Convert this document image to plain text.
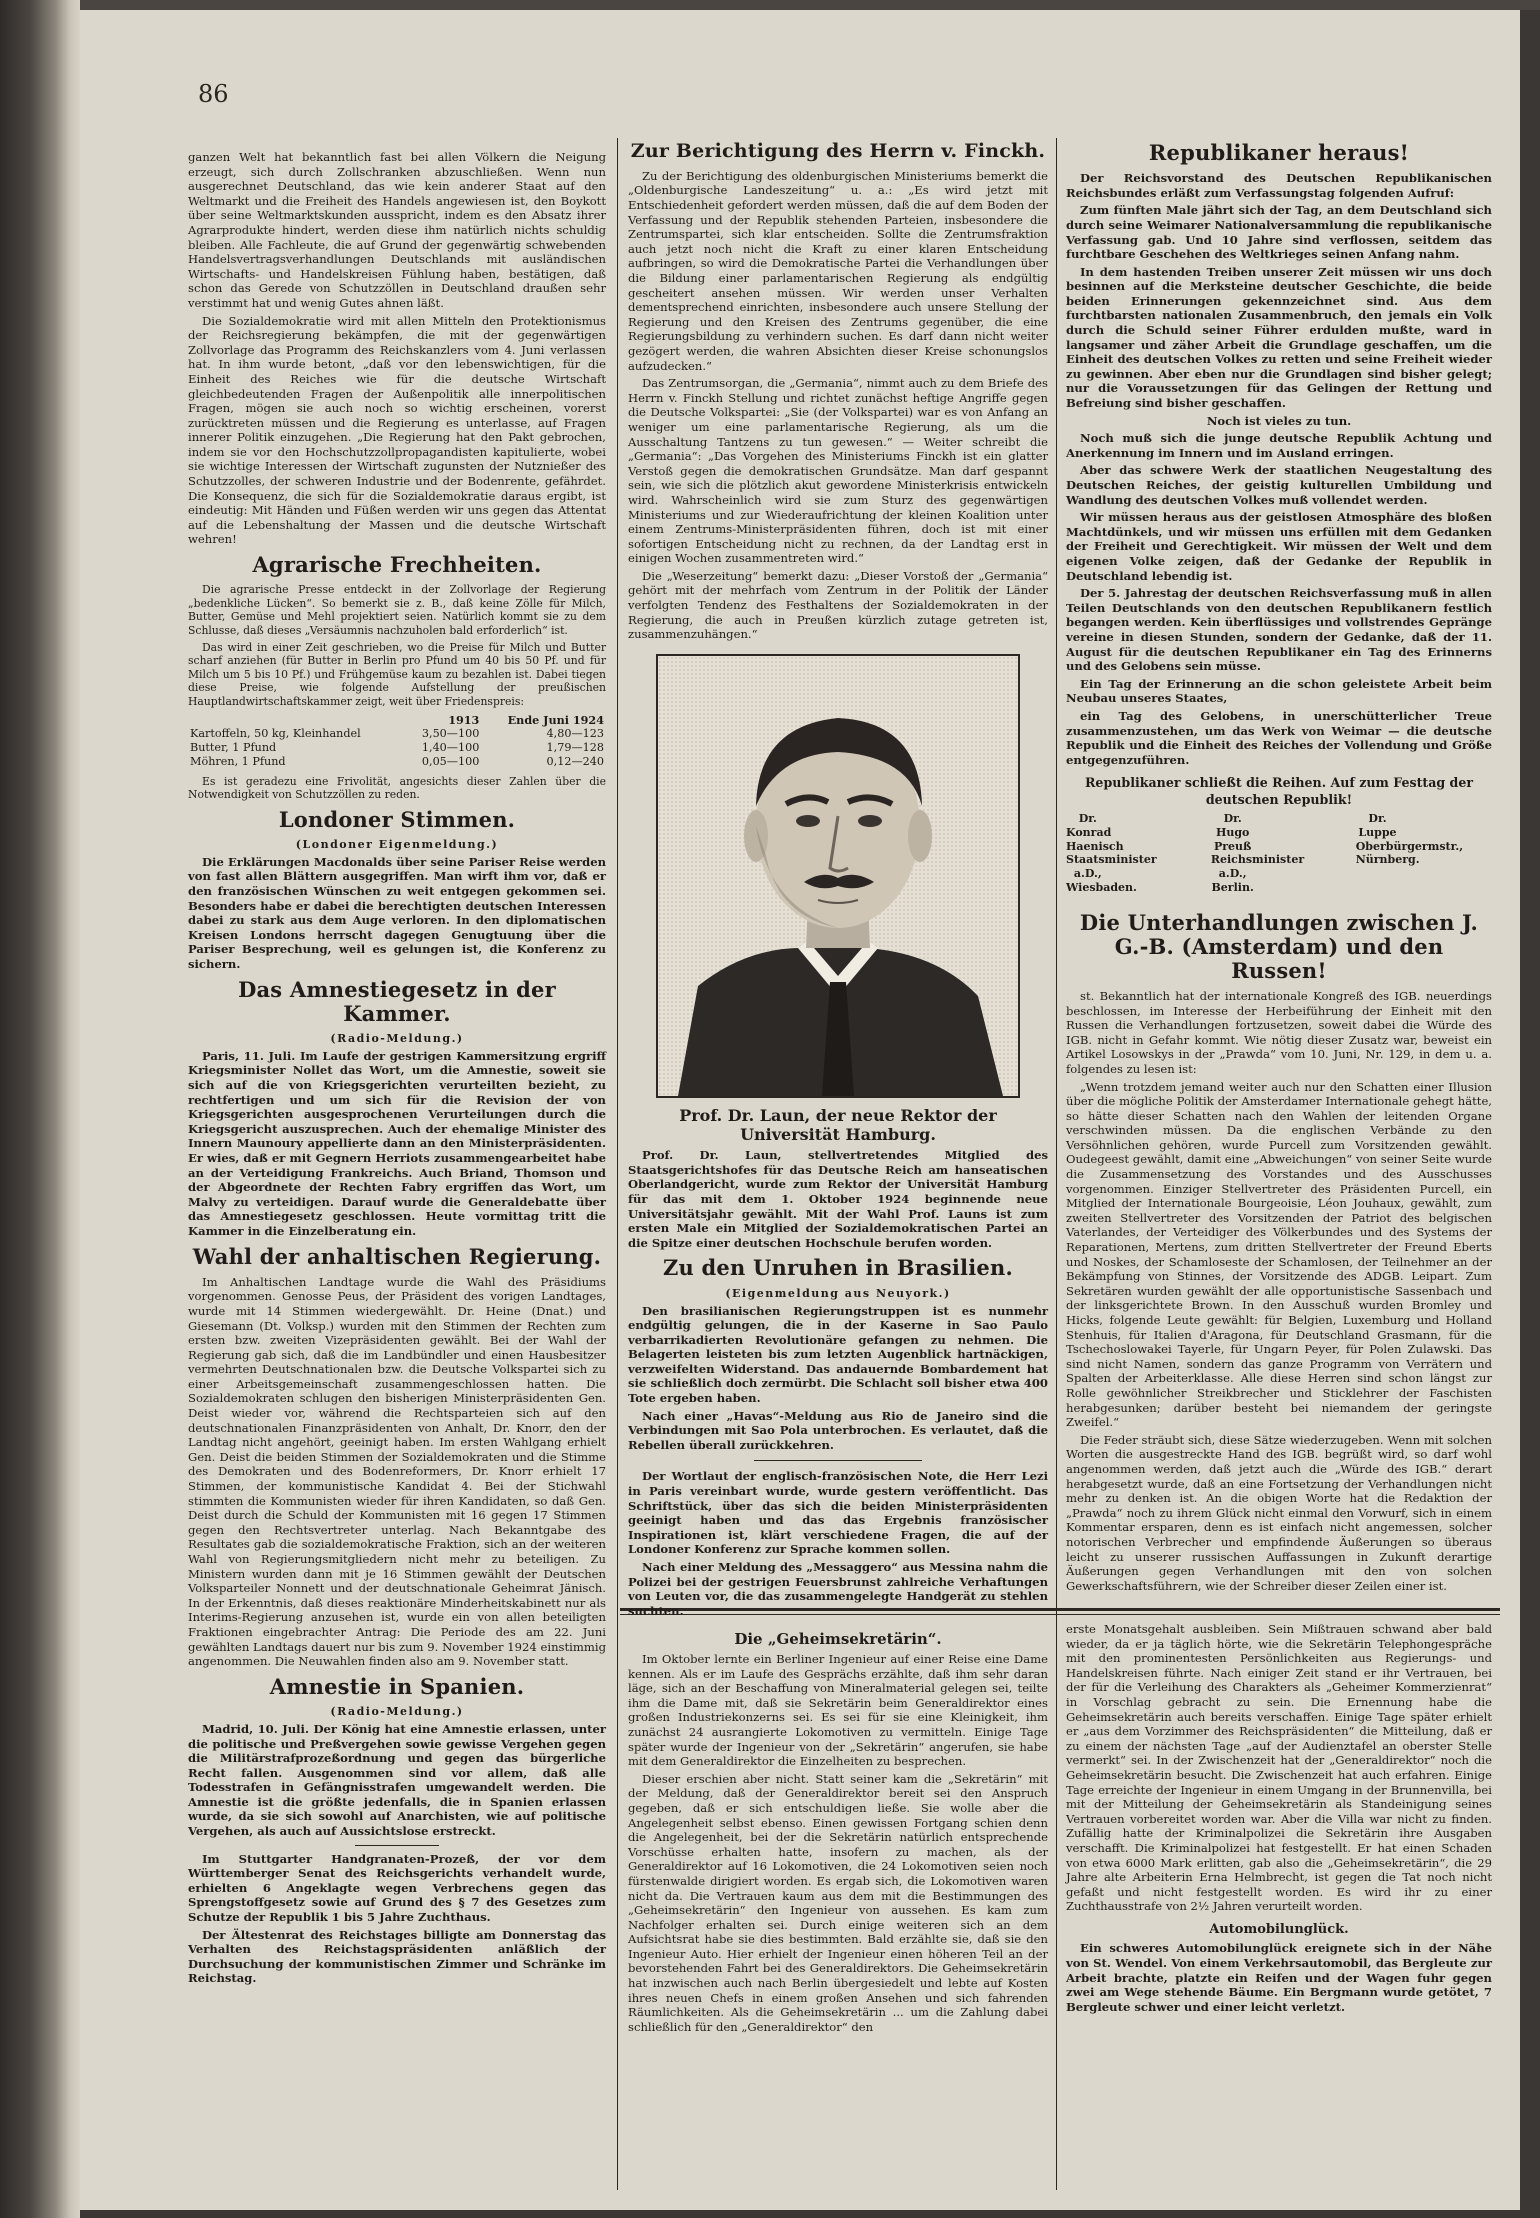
86

ganzen Welt hat bekanntlich fast bei allen Völkern die Neigung erzeugt, sich durch Zollschranken abzuschließen. Wenn nun ausgerechnet Deutschland, das wie kein anderer Staat auf den Weltmarkt und die Freiheit des Handels angewiesen ist, den Boykott über seine Weltmarktskunden ausspricht, indem es den Absatz ihrer Agrarprodukte hindert, werden diese ihm natürlich nichts schuldig bleiben. Alle Fachleute, die auf Grund der gegenwärtig schwebenden Handelsvertragsverhandlungen Deutschlands mit ausländischen Wirtschafts- und Handelskreisen Fühlung haben, bestätigen, daß schon das Gerede von Schutzzöllen in Deutschland draußen sehr verstimmt hat und wenig Gutes ahnen läßt.

Die Sozialdemokratie wird mit allen Mitteln den Protektionismus der Reichsregierung bekämpfen, die mit der gegenwärtigen Zollvorlage das Programm des Reichskanzlers vom 4. Juni verlassen hat. In ihm wurde betont, „daß vor den lebenswichtigen, für die Einheit des Reiches wie für die deutsche Wirtschaft gleichbedeutenden Fragen der Außenpolitik alle innerpolitischen Fragen, mögen sie auch noch so wichtig erscheinen, vorerst zurücktreten müssen und die Regierung es unterlasse, auf Fragen innerer Politik einzugehen. „Die Regierung hat den Pakt gebrochen, indem sie vor den Hochschutzzollpropagandisten kapitulierte, wobei sie wichtige Interessen der Wirtschaft zugunsten der Nutznießer des Schutzzolles, der schweren Industrie und der Bodenrente, gefährdet. Die Konsequenz, die sich für die Sozialdemokratie daraus ergibt, ist eindeutig: Mit Händen und Füßen werden wir uns gegen das Attentat auf die Lebenshaltung der Massen und die deutsche Wirtschaft wehren!

Agrarische Frechheiten.

Die agrarische Presse entdeckt in der Zollvorlage der Regierung „bedenkliche Lücken“. So bemerkt sie z. B., daß keine Zölle für Milch, Butter, Gemüse und Mehl projektiert seien. Natürlich kommt sie zu dem Schlusse, daß dieses „Versäumnis nachzuholen bald erforderlich“ ist.

Das wird in einer Zeit geschrieben, wo die Preise für Milch und Butter scharf anziehen (für Butter in Berlin pro Pfund um 40 bis 50 Pf. und für Milch um 5 bis 10 Pf.) und Frühgemüse kaum zu bezahlen ist. Dabei tiegen diese Preise, wie folgende Aufstellung der preußischen Hauptlandwirtschaftskammer zeigt, weit über Friedenspreis:

	1913	Ende Juni 1924
Kartoffeln, 50 kg, Kleinhandel	3,50—100	4,80—123
Butter, 1 Pfund	1,40—100	1,79—128
Möhren, 1 Pfund	0,05—100	0,12—240

Es ist geradezu eine Frivolität, angesichts dieser Zahlen über die Notwendigkeit von Schutzzöllen zu reden.

Londoner Stimmen.
(Londoner Eigenmeldung.)

Die Erklärungen Macdonalds über seine Pariser Reise werden von fast allen Blättern ausgegriffen. Man wirft ihm vor, daß er den französischen Wünschen zu weit entgegen gekommen sei. Besonders habe er dabei die berechtigten deutschen Interessen dabei zu stark aus dem Auge verloren. In den diplomatischen Kreisen Londons herrscht dagegen Genugtuung über die Pariser Besprechung, weil es gelungen ist, die Konferenz zu sichern.

Das Amnestiegesetz in der Kammer.
(Radio-Meldung.)

Paris, 11. Juli. Im Laufe der gestrigen Kammersitzung ergriff Kriegsminister Nollet das Wort, um die Amnestie, soweit sie sich auf die von Kriegsgerichten verurteilten bezieht, zu rechtfertigen und um sich für die Revision der von Kriegsgerichten ausgesprochenen Verurteilungen durch die Kriegsgericht auszusprechen. Auch der ehemalige Minister des Innern Maunoury appellierte dann an den Ministerpräsidenten. Er wies, daß er mit Gegnern Herriots zusammengearbeitet habe an der Verteidigung Frankreichs. Auch Briand, Thomson und der Abgeordnete der Rechten Fabry ergriffen das Wort, um Malvy zu verteidigen. Darauf wurde die Generaldebatte über das Amnestiegesetz geschlossen. Heute vormittag tritt die Kammer in die Einzelberatung ein.

Wahl der anhaltischen Regierung.

Im Anhaltischen Landtage wurde die Wahl des Präsidiums vorgenommen. Genosse Peus, der Präsident des vorigen Landtages, wurde mit 14 Stimmen wiedergewählt. Dr. Heine (Dnat.) und Giesemann (Dt. Volksp.) wurden mit den Stimmen der Rechten zum ersten bzw. zweiten Vizepräsidenten gewählt. Bei der Wahl der Regierung gab sich, daß die im Landbündler und einen Hausbesitzer vermehrten Deutschnationalen bzw. die Deutsche Volkspartei sich zu einer Arbeitsgemeinschaft zusammengeschlossen hatten. Die Sozialdemokraten schlugen den bisherigen Ministerpräsidenten Gen. Deist wieder vor, während die Rechtsparteien sich auf den deutschnationalen Finanzpräsidenten von Anhalt, Dr. Knorr, den der Landtag nicht angehört, geeinigt haben. Im ersten Wahlgang erhielt Gen. Deist die beiden Stimmen der Sozialdemokraten und die Stimme des Demokraten und des Bodenreformers, Dr. Knorr erhielt 17 Stimmen, der kommunistische Kandidat 4. Bei der Stichwahl stimmten die Kommunisten wieder für ihren Kandidaten, so daß Gen. Deist durch die Schuld der Kommunisten mit 16 gegen 17 Stimmen gegen den Rechtsvertreter unterlag. Nach Bekanntgabe des Resultates gab die sozialdemokratische Fraktion, sich an der weiteren Wahl von Regierungsmitgliedern nicht mehr zu beteiligen. Zu Ministern wurden dann mit je 16 Stimmen gewählt der Deutschen Volksparteiler Nonnett und der deutschnationale Geheimrat Jänisch. In der Erkenntnis, daß dieses reaktionäre Minderheitskabinett nur als Interims-Regierung anzusehen ist, wurde ein von allen beteiligten Fraktionen eingebrachter Antrag: Die Periode des am 22. Juni gewählten Landtags dauert nur bis zum 9. November 1924 einstimmig angenommen. Die Neuwahlen finden also am 9. November statt.

Amnestie in Spanien.
(Radio-Meldung.)

Madrid, 10. Juli. Der König hat eine Amnestie erlassen, unter die politische und Preßvergehen sowie gewisse Vergehen gegen die Militärstrafprozeßordnung und gegen das bürgerliche Recht fallen. Ausgenommen sind vor allem, daß alle Todesstrafen in Gefängnisstrafen umgewandelt werden. Die Amnestie ist die größte jedenfalls, die in Spanien erlassen wurde, da sie sich sowohl auf Anarchisten, wie auf politische Vergehen, als auch auf Aussichtslose erstreckt.

Im Stuttgarter Handgranaten-Prozeß, der vor dem Württemberger Senat des Reichsgerichts verhandelt wurde, erhielten 6 Angeklagte wegen Verbrechens gegen das Sprengstoffgesetz sowie auf Grund des § 7 des Gesetzes zum Schutze der Republik 1 bis 5 Jahre Zuchthaus.

Der Ältestenrat des Reichstages billigte am Donnerstag das Verhalten des Reichstagspräsidenten anläßlich der Durchsuchung der kommunistischen Zimmer und Schränke im Reichstag.

Zur Berichtigung des Herrn v. Finckh.

Zu der Berichtigung des oldenburgischen Ministeriums bemerkt die „Oldenburgische Landeszeitung“ u. a.: „Es wird jetzt mit Entschiedenheit gefordert werden müssen, daß die auf dem Boden der Verfassung und der Republik stehenden Parteien, insbesondere die Zentrumspartei, sich klar entscheiden. Sollte die Zentrumsfraktion auch jetzt noch nicht die Kraft zu einer klaren Entscheidung aufbringen, so wird die Demokratische Partei die Verhandlungen über die Bildung einer parlamentarischen Regierung als endgültig gescheitert ansehen müssen. Wir werden unser Verhalten dementsprechend einrichten, insbesondere auch unsere Stellung der Regierung und den Kreisen des Zentrums gegenüber, die eine Regierungsbildung zu verhindern suchen. Es darf dann nicht weiter gezögert werden, die wahren Absichten dieser Kreise schonungslos aufzudecken.“

Das Zentrumsorgan, die „Germania“, nimmt auch zu dem Briefe des Herrn v. Finckh Stellung und richtet zunächst heftige Angriffe gegen die Deutsche Volkspartei: „Sie (der Volkspartei) war es von Anfang an weniger um eine parlamentarische Regierung, als um die Ausschaltung Tantzens zu tun gewesen.“ — Weiter schreibt die „Germania“: „Das Vorgehen des Ministeriums Finckh ist ein glatter Verstoß gegen die demokratischen Grundsätze. Man darf gespannt sein, wie sich die plötzlich akut gewordene Ministerkrisis entwickeln wird. Wahrscheinlich wird sie zum Sturz des gegenwärtigen Ministeriums und zur Wiederaufrichtung der kleinen Koalition unter einem Zentrums-Ministerpräsidenten führen, doch ist mit einer sofortigen Entscheidung nicht zu rechnen, da der Landtag erst in einigen Wochen zusammentreten wird.“

Die „Weserzeitung“ bemerkt dazu: „Dieser Vorstoß der „Germania“ gehört mit der mehrfach vom Zentrum in der Politik der Länder verfolgten Tendenz des Festhaltens der Sozialdemokraten in der Regierung, die auch in Preußen kürzlich zutage getreten ist, zusammenzuhängen.“

Prof. Dr. Laun, der neue Rektor der Universität Hamburg.

Prof. Dr. Laun, stellvertretendes Mitglied des Staatsgerichtshofes für das Deutsche Reich am hanseatischen Oberlandgericht, wurde zum Rektor der Universität Hamburg für das mit dem 1. Oktober 1924 beginnende neue Universitätsjahr gewählt. Mit der Wahl Prof. Launs ist zum ersten Male ein Mitglied der Sozialdemokratischen Partei an die Spitze einer deutschen Hochschule berufen worden.

Zu den Unruhen in Brasilien.
(Eigenmeldung aus Neuyork.)

Den brasilianischen Regierungstruppen ist es nunmehr endgültig gelungen, die in der Kaserne in Sao Paulo verbarrikadierten Revolutionäre gefangen zu nehmen. Die Belagerten leisteten bis zum letzten Augenblick hartnäckigen, verzweifelten Widerstand. Das andauernde Bombardement hat sie schließlich doch zermürbt. Die Schlacht soll bisher etwa 400 Tote ergeben haben.

Nach einer „Havas“-Meldung aus Rio de Janeiro sind die Verbindungen mit Sao Pola unterbrochen. Es verlautet, daß die Rebellen überall zurückkehren.

Der Wortlaut der englisch-französischen Note, die Herr Lezi in Paris vereinbart wurde, wurde gestern veröffentlicht. Das Schriftstück, über das sich die beiden Ministerpräsidenten geeinigt haben und das das Ergebnis französischer Inspirationen ist, klärt verschiedene Fragen, die auf der Londoner Konferenz zur Sprache kommen sollen.

Nach einer Meldung des „Messaggero“ aus Messina nahm die Polizei bei der gestrigen Feuersbrunst zahlreiche Verhaftungen von Leuten vor, die das zusammengelegte Handgerät zu stehlen suchten.

Republikaner heraus!

Der Reichsvorstand des Deutschen Republikanischen Reichsbundes erläßt zum Verfassungstag folgenden Aufruf:

Zum fünften Male jährt sich der Tag, an dem Deutschland sich durch seine Weimarer Nationalversammlung die republikanische Verfassung gab. Und 10 Jahre sind verflossen, seitdem das furchtbare Geschehen des Weltkrieges seinen Anfang nahm.

In dem hastenden Treiben unserer Zeit müssen wir uns doch besinnen auf die Merksteine deutscher Geschichte, die beide beiden Erinnerungen gekennzeichnet sind. Aus dem furchtbarsten nationalen Zusammenbruch, den jemals ein Volk durch die Schuld seiner Führer erdulden mußte, ward in langsamer und zäher Arbeit die Grundlage geschaffen, um die Einheit des deutschen Volkes zu retten und seine Freiheit wieder zu gewinnen. Aber eben nur die Grundlagen sind bisher gelegt; nur die Voraussetzungen für das Gelingen der Rettung und Befreiung sind bisher geschaffen.

Noch ist vieles zu tun.

Noch muß sich die junge deutsche Republik Achtung und Anerkennung im Innern und im Ausland erringen.

Aber das schwere Werk der staatlichen Neugestaltung des Deutschen Reiches, der geistig kulturellen Umbildung und Wandlung des deutschen Volkes muß vollendet werden.

Wir müssen heraus aus der geistlosen Atmosphäre des bloßen Machtdünkels, und wir müssen uns erfüllen mit dem Gedanken der Freiheit und Gerechtigkeit. Wir müssen der Welt und dem eigenen Volke zeigen, daß der Gedanke der Republik in Deutschland lebendig ist.

Der 5. Jahrestag der deutschen Reichsverfassung muß in allen Teilen Deutschlands von den deutschen Republikanern festlich begangen werden. Kein überflüssiges und vollstrendes Gepränge vereine in diesen Stunden, sondern der Gedanke, daß der 11. August für die deutschen Republikaner ein Tag des Erinnerns und des Gelobens sein müsse.

Ein Tag der Erinnerung an die schon geleistete Arbeit beim Neubau unseres Staates,

ein Tag des Gelobens, in unerschütterlicher Treue zusammenzustehen, um das Werk von Weimar — die deutsche Republik und die Einheit des Reiches der Vollendung und Größe entgegenzuführen.

Republikaner schließt die Reihen. Auf zum Festtag der deutschen Republik!
Dr. Konrad Haenisch
Staatsminister a.D.,
Wiesbaden.
Dr. Hugo Preuß
Reichsminister a.D.,
Berlin.
Dr. Luppe
Oberbürgermstr.,
Nürnberg.
Die Unterhandlungen zwischen J. G.-B. (Amsterdam) und den Russen!

st. Bekanntlich hat der internationale Kongreß des IGB. neuerdings beschlossen, im Interesse der Herbeiführung der Einheit mit den Russen die Verhandlungen fortzusetzen, soweit dabei die Würde des IGB. nicht in Gefahr kommt. Wie nötig dieser Zusatz war, beweist ein Artikel Losowskys in der „Prawda“ vom 10. Juni, Nr. 129, in dem u. a. folgendes zu lesen ist:

„Wenn trotzdem jemand weiter auch nur den Schatten einer Illusion über die mögliche Politik der Amsterdamer Internationale gehegt hätte, so hätte dieser Schatten nach den Wahlen der leitenden Organe verschwinden müssen. Da die englischen Verbände zu den Versöhnlichen gehören, wurde Purcell zum Vorsitzenden gewählt. Oudegeest gewählt, damit eine „Abweichungen“ von seiner Seite wurde die Zusammensetzung des Vorstandes und des Ausschusses vorgenommen. Einziger Stellvertreter des Präsidenten Purcell, ein Mitglied der Internationale Bourgeoisie, Léon Jouhaux, gewählt, zum zweiten Stellvertreter des Vorsitzenden der Patriot des belgischen Vaterlandes, der Verteidiger des Völkerbundes und des Systems der Reparationen, Mertens, zum dritten Stellvertreter der Freund Eberts und Noskes, der Schamloseste der Schamlosen, der Teilnehmer an der Bekämpfung von Stinnes, der Vorsitzende des ADGB. Leipart. Zum Sekretären wurden gewählt der alle opportunistische Sassenbach und der linksgerichtete Brown. In den Ausschuß wurden Bromley und Hicks, folgende Leute gewählt: für Belgien, Luxemburg und Holland Stenhuis, für Italien d'Aragona, für Deutschland Grasmann, für die Tschechoslowakei Tayerle, für Ungarn Peyer, für Polen Zulawski. Das sind nicht Namen, sondern das ganze Programm von Verrätern und Spalten der Arbeiterklasse. Alle diese Herren sind schon längst zur Rolle gewöhnlicher Streikbrecher und Sticklehrer der Faschisten herabgesunken; darüber besteht bei niemandem der geringste Zweifel.“

Die Feder sträubt sich, diese Sätze wiederzugeben. Wenn mit solchen Worten die ausgestreckte Hand des IGB. begrüßt wird, so darf wohl angenommen werden, daß jetzt auch die „Würde des IGB.“ derart herabgesetzt wurde, daß an eine Fortsetzung der Verhandlungen nicht mehr zu denken ist. An die obigen Worte hat die Redaktion der „Prawda“ noch zu ihrem Glück nicht einmal den Vorwurf, sich in einem Kommentar ersparen, denn es ist einfach nicht angemessen, solcher notorischen Verbrecher und empfindende Äußerungen so überaus leicht zu unserer russischen Auffassungen in Zukunft derartige Äußerungen gegen Verhandlungen mit den von solchen Gewerkschaftsführern, wie der Schreiber dieser Zeilen einer ist.

Die „Geheimsekretärin“.

Im Oktober lernte ein Berliner Ingenieur auf einer Reise eine Dame kennen. Als er im Laufe des Gesprächs erzählte, daß ihm sehr daran läge, sich an der Beschaffung von Mineralmaterial gelegen sei, teilte ihm die Dame mit, daß sie Sekretärin beim Generaldirektor eines großen Industriekonzerns sei. Es sei für sie eine Kleinigkeit, ihm zunächst 24 ausrangierte Lokomotiven zu vermitteln. Einige Tage später wurde der Ingenieur von der „Sekretärin“ angerufen, sie habe mit dem Generaldirektor die Einzelheiten zu besprechen.

Dieser erschien aber nicht. Statt seiner kam die „Sekretärin“ mit der Meldung, daß der Generaldirektor bereit sei den Anspruch gegeben, daß er sich entschuldigen ließe. Sie wolle aber die Angelegenheit selbst ebenso. Einen gewissen Fortgang schien denn die Angelegenheit, bei der die Sekretärin natürlich entsprechende Vorschüsse erhalten hatte, insofern zu machen, als der Generaldirektor auf 16 Lokomotiven, die 24 Lokomotiven seien noch fürstenwalde dirigiert worden. Es ergab sich, die Lokomotiven waren nicht da. Die Vertrauen kaum aus dem mit die Bestimmungen des „Geheimsekretärin“ den Ingenieur von aussehen. Es kam zum Nachfolger erhalten sei. Durch einige weiteren sich an dem Aufsichtsrat habe sie dies bestimmten. Bald erzählte sie, daß sie den Ingenieur Auto. Hier erhielt der Ingenieur einen höheren Teil an der bevorstehenden Fahrt bei des Generaldirektors. Die Geheimsekretärin hat inzwischen auch nach Berlin übergesiedelt und lebte auf Kosten ihres neuen Chefs in einem großen Ansehen und sich fahrenden Räumlichkeiten. Als die Geheimsekretärin ... um die Zahlung dabei schließlich für den „Generaldirektor“ den

erste Monatsgehalt ausbleiben. Sein Mißtrauen schwand aber bald wieder, da er ja täglich hörte, wie die Sekretärin Telephongespräche mit den prominentesten Persönlichkeiten aus Regierungs- und Handelskreisen führte. Nach einiger Zeit stand er ihr Vertrauen, bei der für die Verleihung des Charakters als „Geheimer Kommerzienrat“ in Vorschlag gebracht zu sein. Die Ernennung habe die Geheimsekretärin auch bereits verschaffen. Einige Tage später erhielt er „aus dem Vorzimmer des Reichspräsidenten“ die Mitteilung, daß er zu einem der nächsten Tage „auf der Audienztafel an oberster Stelle vermerkt“ sei. In der Zwischenzeit hat der „Generaldirektor“ noch die Geheimsekretärin besucht. Die Zwischenzeit hat auch erfahren. Einige Tage erreichte der Ingenieur in einem Umgang in der Brunnenvilla, bei mit der Mitteilung der Geheimsekretärin als Standeinigung seines Vertrauen vorbereitet worden war. Aber die Villa war nicht zu finden. Zufällig hatte der Kriminalpolizei die Sekretärin ihre Ausgaben verschafft. Die Kriminalpolizei hat festgestellt. Er hat einen Schaden von etwa 6000 Mark erlitten, gab also die „Geheimsekretärin“, die 29 Jahre alte Arbeiterin Erna Helmbrecht, ist gegen die Tat noch nicht gefaßt und nicht festgestellt worden. Es wird ihr zu einer Zuchthausstrafe von 2½ Jahren verurteilt worden.

Automobilunglück.

Ein schweres Automobilunglück ereignete sich in der Nähe von St. Wendel. Von einem Verkehrsautomobil, das Bergleute zur Arbeit brachte, platzte ein Reifen und der Wagen fuhr gegen zwei am Wege stehende Bäume. Ein Bergmann wurde getötet, 7 Bergleute schwer und einer leicht verletzt.
